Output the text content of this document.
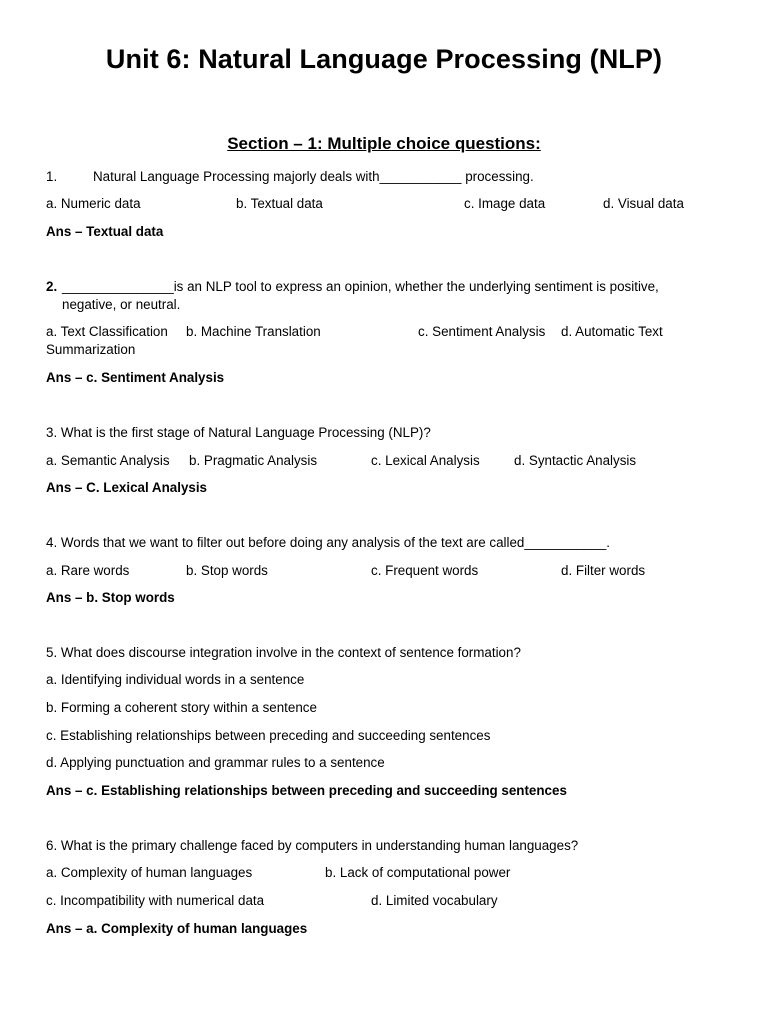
Unit 6: Natural Language Processing (NLP)
Section – 1: Multiple choice questions:
1.	Natural Language Processing majorly deals with___________ processing.
a. Numeric data	b. Textual data	c. Image data	d. Visual data
Ans – Textual data
2. _______________is an NLP tool to express an opinion, whether the underlying sentiment is positive, negative, or neutral.
a. Text Classification b. Machine Translation	c. Sentiment Analysis d. Automatic Text
Summarization
Ans – c. Sentiment Analysis
3. What is the first stage of Natural Language Processing (NLP)?
a. Semantic Analysis b. Pragmatic Analysis	c. Lexical Analysis	d. Syntactic Analysis
Ans – C. Lexical Analysis
4. Words that we want to filter out before doing any analysis of the text are called___________.
a. Rare words	b. Stop words	c. Frequent words	d. Filter words
Ans – b. Stop words
5. What does discourse integration involve in the context of sentence formation?
a. Identifying individual words in a sentence
b. Forming a coherent story within a sentence
c. Establishing relationships between preceding and succeeding sentences
d. Applying punctuation and grammar rules to a sentence
Ans – c. Establishing relationships between preceding and succeeding sentences
6. What is the primary challenge faced by computers in understanding human languages?
a. Complexity of human languages	b. Lack of computational power
c. Incompatibility with numerical data	d. Limited vocabulary
Ans – a. Complexity of human languages
